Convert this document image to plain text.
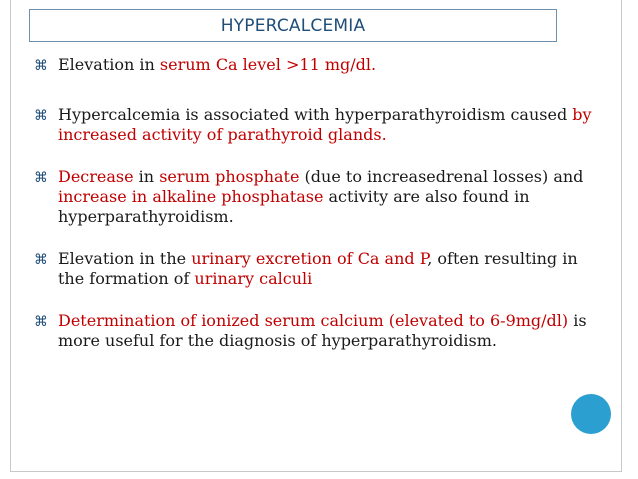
HYPERCALCEMIA
⌘ Elevation in serum Ca level >11 mg/dl.
⌘ Hypercalcemia is associated with hyperparathyroidism caused by increased activity of parathyroid glands.
⌘ Decrease in serum phosphate (due to increasedrenal losses) and increase in alkaline phosphatase activity are also found in hyperparathyroidism.
⌘ Elevation in the urinary excretion of Ca and P, often resulting in the formation of urinary calculi
⌘ Determination of ionized serum calcium (elevated to 6-9mg/dl) is more useful for the diagnosis of hyperparathyroidism.
